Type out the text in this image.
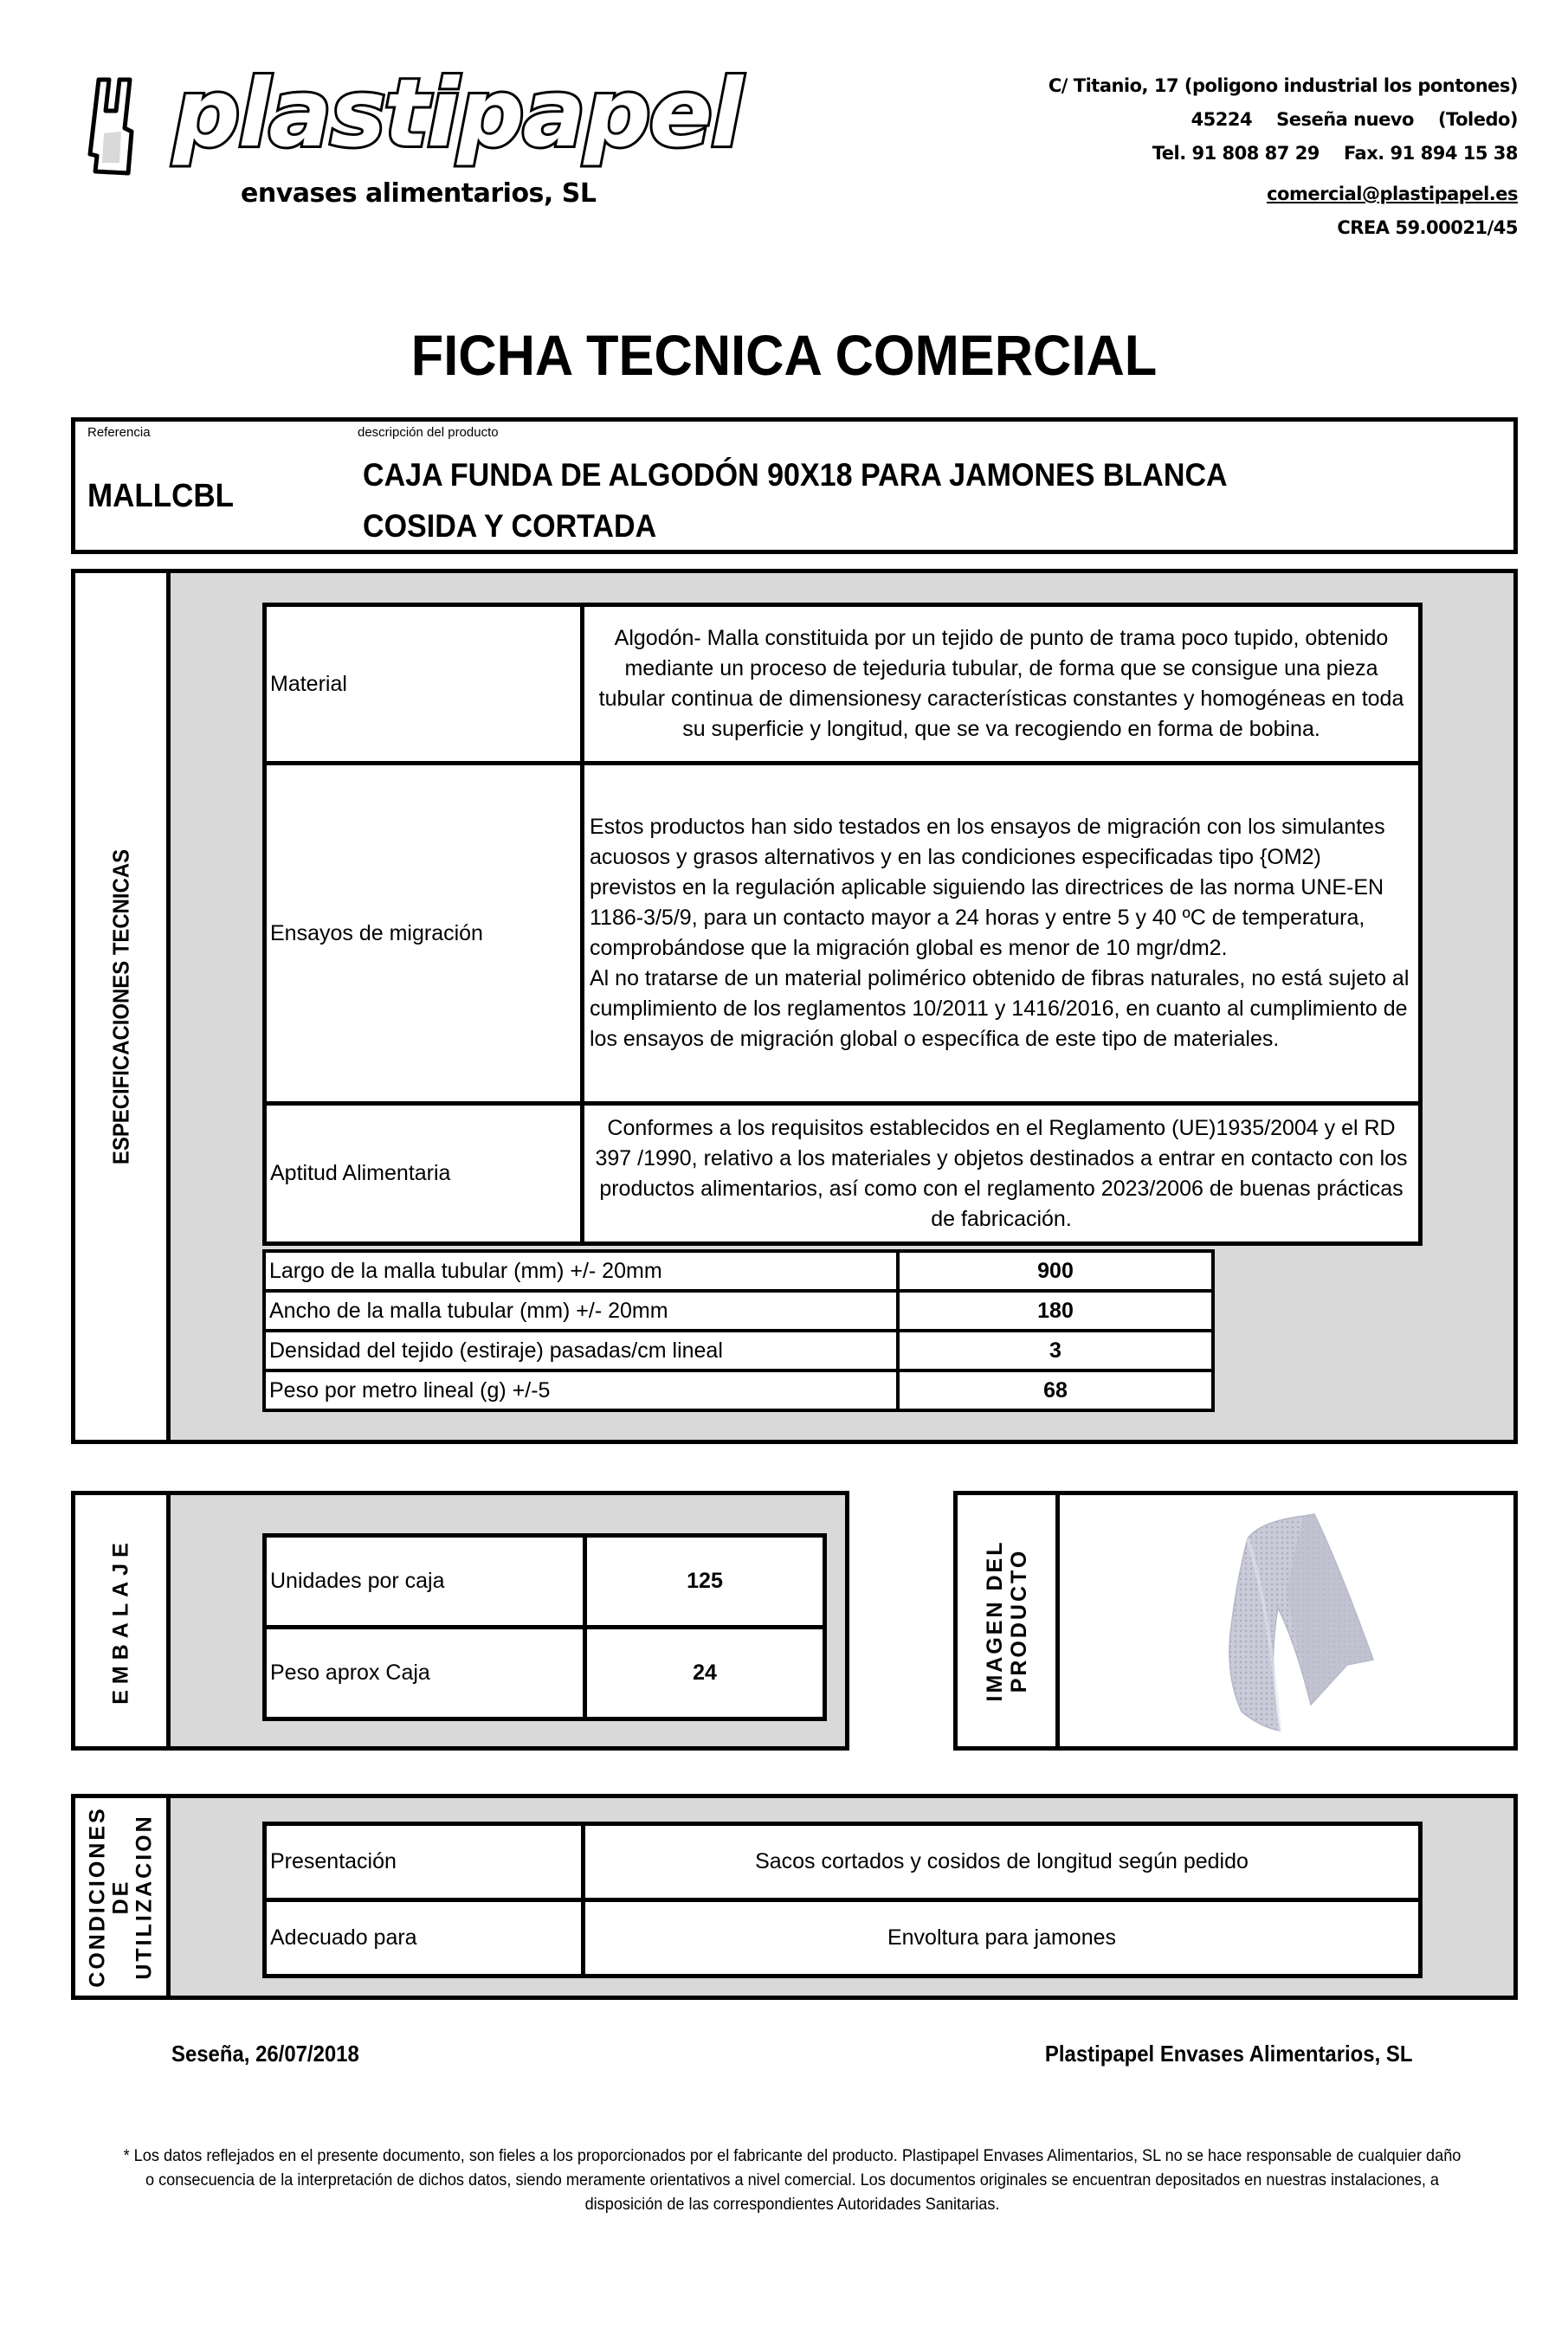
plastipapel
envases alimentarios, SL
C/ Titanio, 17 (poligono industrial los pontones)
45224 Seseña nuevo (Toledo)
Tel. 91 808 87 29 Fax. 91 894 15 38
comercial@plastipapel.es
CREA 59.00021/45
FICHA TECNICA COMERCIAL
Referencia	descripción del producto
MALLCBL
CAJA FUNDA DE ALGODÓN 90X18 PARA JAMONES BLANCA
COSIDA Y CORTADA
ESPECIFICACIONES TECNICAS
Material	Algodón- Malla constituida por un tejido de punto de trama poco tupido, obtenido mediante un proceso de tejeduria tubular, de forma que se consigue una pieza tubular continua de dimensionesy características constantes y homogéneas en toda su superficie y longitud, que se va recogiendo en forma de bobina.
Ensayos de migración	Estos productos han sido testados en los ensayos de migración con los simulantes acuosos y grasos alternativos y en las condiciones especificadas tipo {OM2) previstos en la regulación aplicable siguiendo las directrices de las norma UNE-EN 1186-3/5/9, para un contacto mayor a 24 horas y entre 5 y 40 ºC de temperatura, comprobándose que la migración global es menor de 10 mgr/dm2.
Al no tratarse de un material polimérico obtenido de fibras naturales, no está sujeto al cumplimiento de los reglamentos 10/2011 y 1416/2016, en cuanto al cumplimiento de los ensayos de migración global o específica de este tipo de materiales.

Aptitud Alimentaria	Conformes a los requisitos establecidos en el Reglamento (UE)1935/2004 y el RD 397 /1990, relativo a los materiales y objetos destinados a entrar en contacto con los productos alimentarios, así como con el reglamento 2023/2006 de buenas prácticas de fabricación.
Largo de la malla tubular (mm) +/- 20mm	900
Ancho de la malla tubular (mm) +/- 20mm	180
Densidad del tejido (estiraje) pasadas/cm lineal	3
Peso por metro lineal (g) +/-5	68
EMBALAJE	Unidades por caja	125
Peso aprox Caja	24	IMAGEN DEL PRODUCTO
CONDICIONES DE UTILIZACION	Presentación	Sacos cortados y cosidos de longitud según pedido
Adecuado para	Envoltura para jamones
Seseña, 26/07/2018	Plastipapel Envases Alimentarios, SL
* Los datos reflejados en el presente documento, son fieles a los proporcionados por el fabricante del producto. Plastipapel Envases Alimentarios, SL no se hace responsable de cualquier daño o consecuencia de la interpretación de dichos datos, siendo meramente orientativos a nivel comercial. Los documentos originales se encuentran depositados en nuestras instalaciones, a disposición de las correspondientes Autoridades Sanitarias.
